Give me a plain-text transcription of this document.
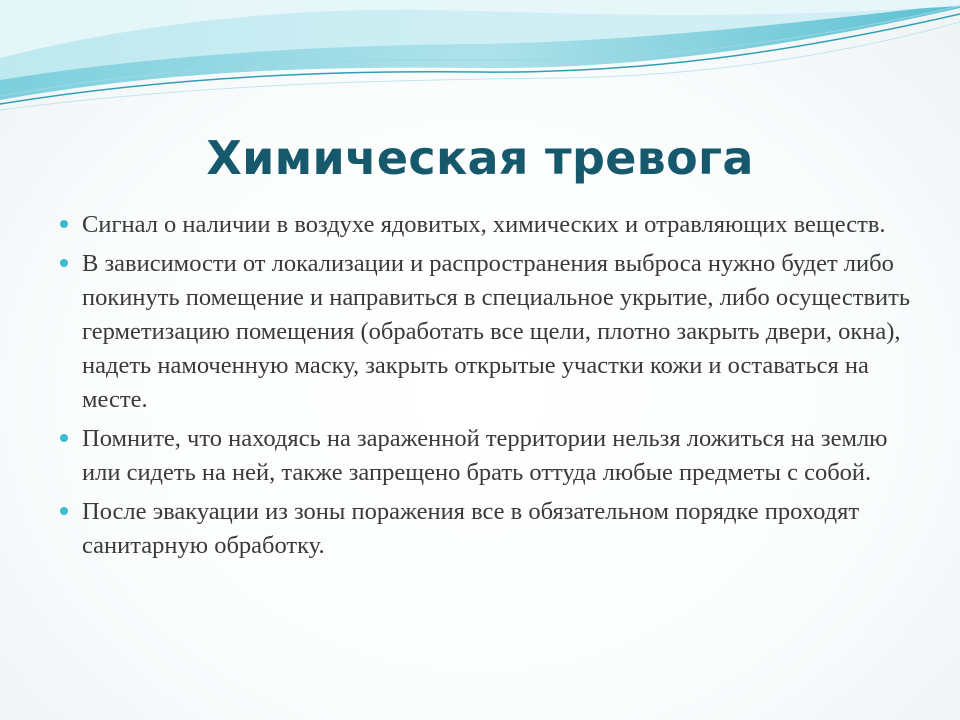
Химическая тревога
Сигнал о наличии в воздухе ядовитых, химических и отравляющих веществ.
В зависимости от локализации и распространения выброса нужно будет либо покинуть помещение и направиться в специальное укрытие, либо осуществить герметизацию помещения (обработать все щели, плотно закрыть двери, окна), надеть намоченную маску, закрыть открытые участки кожи и оставаться на месте.
Помните, что находясь на зараженной территории нельзя ложиться на землю или сидеть на ней, также запрещено брать оттуда любые предметы с собой.
После эвакуации из зоны поражения все в обязательном порядке проходят санитарную обработку.
